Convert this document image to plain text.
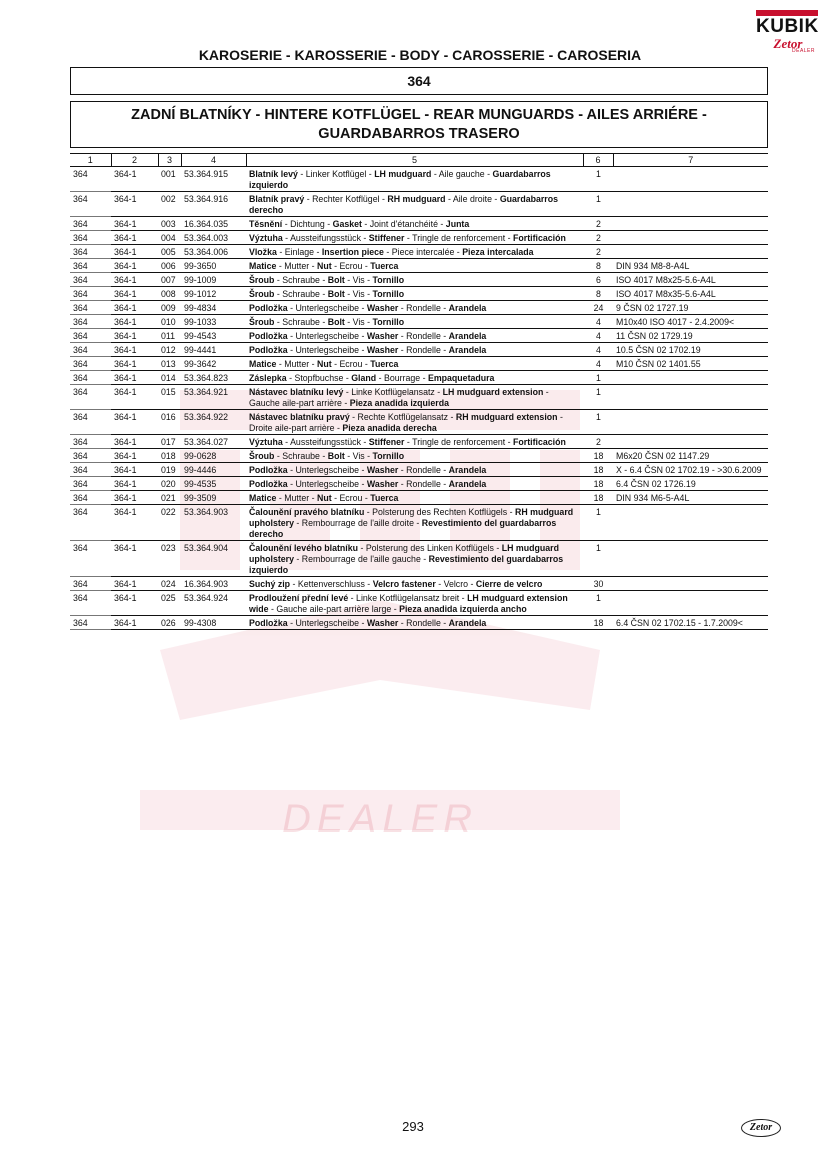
DEALER
KUBIK
Zetor
DEALER
KAROSERIE - KAROSSERIE - BODY - CAROSSERIE - CAROSERIA
364
ZADNÍ BLATNÍKY - HINTERE KOTFLÜGEL - REAR MUNGUARDS - AILES ARRIÉRE - GUARDABARROS TRASERO
1	2	3	4	5	6	7
364	364-1	001	53.364.915	Blatník levý - Linker Kotflügel - LH mudguard - Aile gauche - Guardabarros izquierdo	1	
364	364-1	002	53.364.916	Blatník pravý - Rechter Kotflügel - RH mudguard - Aile droite - Guardabarros derecho	1	
364	364-1	003	16.364.035	Těsnění - Dichtung - Gasket - Joint d'étanchéité - Junta	2	
364	364-1	004	53.364.003	Výztuha - Aussteifungsstück - Stiffener - Tringle de renforcement - Fortificación	2	
364	364-1	005	53.364.006	Vložka - Einlage - Insertion piece - Piece intercalée - Pieza intercalada	2	
364	364-1	006	99-3650	Matice - Mutter - Nut - Ecrou - Tuerca	8	DIN 934 M8-8-A4L
364	364-1	007	99-1009	Šroub - Schraube - Bolt - Vis - Tornillo	6	ISO 4017 M8x25-5.6-A4L
364	364-1	008	99-1012	Šroub - Schraube - Bolt - Vis - Tornillo	8	ISO 4017 M8x35-5.6-A4L
364	364-1	009	99-4834	Podložka - Unterlegscheibe - Washer - Rondelle - Arandela	24	9 ČSN 02 1727.19
364	364-1	010	99-1033	Šroub - Schraube - Bolt - Vis - Tornillo	4	M10x40 ISO 4017 - 2.4.2009<
364	364-1	011	99-4543	Podložka - Unterlegscheibe - Washer - Rondelle - Arandela	4	11 ČSN 02 1729.19
364	364-1	012	99-4441	Podložka - Unterlegscheibe - Washer - Rondelle - Arandela	4	10.5 ČSN 02 1702.19
364	364-1	013	99-3642	Matice - Mutter - Nut - Ecrou - Tuerca	4	M10 ČSN 02 1401.55
364	364-1	014	53.364.823	Záslepka - Stopfbuchse - Gland - Bourrage - Empaquetadura	1	
364	364-1	015	53.364.921	Nástavec blatníku levý - Linke Kotflügelansatz - LH mudguard extension - Gauche aile-part arrière - Pieza anadida izquierda	1	
364	364-1	016	53.364.922	Nástavec blatníku pravý - Rechte Kotflügelansatz - RH mudguard extension - Droite aile-part arrière - Pieza anadida derecha	1	
364	364-1	017	53.364.027	Výztuha - Aussteifungsstück - Stiffener - Tringle de renforcement - Fortificación	2	
364	364-1	018	99-0628	Šroub - Schraube - Bolt - Vis - Tornillo	18	M6x20 ČSN 02 1147.29
364	364-1	019	99-4446	Podložka - Unterlegscheibe - Washer - Rondelle - Arandela	18	X - 6.4 ČSN 02 1702.19 - >30.6.2009
364	364-1	020	99-4535	Podložka - Unterlegscheibe - Washer - Rondelle - Arandela	18	6.4 ČSN 02 1726.19
364	364-1	021	99-3509	Matice - Mutter - Nut - Ecrou - Tuerca	18	DIN 934 M6-5-A4L
364	364-1	022	53.364.903	Čalounění pravého blatníku - Polsterung des Rechten Kotflügels - RH mudguard upholstery - Rembourrage de l'aille droite - Revestimiento del guardabarros derecho	1	
364	364-1	023	53.364.904	Čalounění levého blatníku - Polsterung des Linken Kotflügels - LH mudguard upholstery - Rembourrage de l'aille gauche - Revestimiento del guardabarros izquierdo	1	
364	364-1	024	16.364.903	Suchý zip - Kettenverschluss - Velcro fastener - Velcro - Cierre de velcro	30	
364	364-1	025	53.364.924	Prodloužení přední levé - Linke Kotflügelansatz breit - LH mudguard extension wide - Gauche aile-part arrière large - Pieza anadida izquierda ancho	1	
364	364-1	026	99-4308	Podložka - Unterlegscheibe - Washer - Rondelle - Arandela	18	6.4 ČSN 02 1702.15 - 1.7.2009<
293	Zetor
